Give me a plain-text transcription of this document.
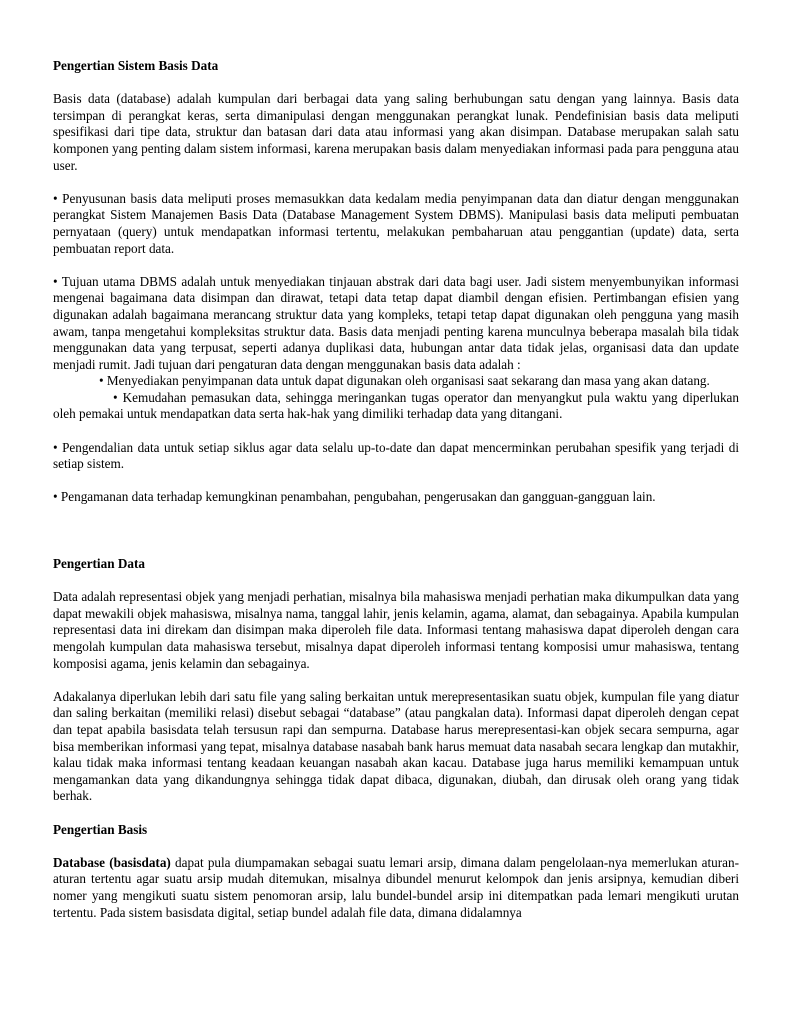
Pengertian Sistem Basis Data

Basis data (database) adalah kumpulan dari berbagai data yang saling berhubungan satu dengan yang lainnya. Basis data tersimpan di perangkat keras, serta dimanipulasi dengan menggunakan perangkat lunak. Pendefinisian basis data meliputi spesifikasi dari tipe data, struktur dan batasan dari data atau informasi yang akan disimpan. Database merupakan salah satu komponen yang penting dalam sistem informasi, karena merupakan basis dalam menyediakan informasi pada para pengguna atau user.

• Penyusunan basis data meliputi proses memasukkan data kedalam media penyimpanan data dan diatur dengan menggunakan perangkat Sistem Manajemen Basis Data (Database Management System DBMS). Manipulasi basis data meliputi pembuatan pernyataan (query) untuk mendapatkan informasi tertentu, melakukan pembaharuan atau penggantian (update) data, serta pembuatan report data.

• Tujuan utama DBMS adalah untuk menyediakan tinjauan abstrak dari data bagi user. Jadi sistem menyembunyikan informasi mengenai bagaimana data disimpan dan dirawat, tetapi data tetap dapat diambil dengan efisien. Pertimbangan efisien yang digunakan adalah bagaimana merancang struktur data yang kompleks, tetapi tetap dapat digunakan oleh pengguna yang masih awam, tanpa mengetahui kompleksitas struktur data. Basis data menjadi penting karena munculnya beberapa masalah bila tidak menggunakan data yang terpusat, seperti adanya duplikasi data, hubungan antar data tidak jelas, organisasi data dan update menjadi rumit. Jadi tujuan dari pengaturan data dengan menggunakan basis data adalah :

• Menyediakan penyimpanan data untuk dapat digunakan oleh organisasi saat sekarang dan masa yang akan datang.

• Kemudahan pemasukan data, sehingga meringankan tugas operator dan menyangkut pula waktu yang diperlukan oleh pemakai untuk mendapatkan data serta hak-hak yang dimiliki terhadap data yang ditangani.

• Pengendalian data untuk setiap siklus agar data selalu up-to-date dan dapat mencerminkan perubahan spesifik yang terjadi di setiap sistem.

• Pengamanan data terhadap kemungkinan penambahan, pengubahan, pengerusakan dan gangguan-gangguan lain.

Pengertian Data

Data adalah representasi objek yang menjadi perhatian, misalnya bila mahasiswa menjadi perhatian maka dikumpulkan data yang dapat mewakili objek mahasiswa, misalnya nama, tanggal lahir, jenis kelamin, agama, alamat, dan sebagainya. Apabila kumpulan representasi data ini direkam dan disimpan maka diperoleh file data. Informasi tentang mahasiswa dapat diperoleh dengan cara mengolah kumpulan data mahasiswa tersebut, misalnya dapat diperoleh informasi tentang komposisi umur mahasiswa, tentang komposisi agama, jenis kelamin dan sebagainya.

Adakalanya diperlukan lebih dari satu file yang saling berkaitan untuk merepresentasikan suatu objek, kumpulan file yang diatur dan saling berkaitan (memiliki relasi) disebut sebagai “database” (atau pangkalan data). Informasi dapat diperoleh dengan cepat dan tepat apabila basisdata telah tersusun rapi dan sempurna. Database harus merepresentasi-kan objek secara sempurna, agar bisa memberikan informasi yang tepat, misalnya database nasabah bank harus memuat data nasabah secara lengkap dan mutakhir, kalau tidak maka informasi tentang keadaan keuangan nasabah akan kacau. Database juga harus memiliki kemampuan untuk mengamankan data yang dikandungnya sehingga tidak dapat dibaca, digunakan, diubah, dan dirusak oleh orang yang tidak berhak.

Pengertian Basis

Database (basisdata) dapat pula diumpamakan sebagai suatu lemari arsip, dimana dalam pengelolaan-nya memerlukan aturan-aturan tertentu agar suatu arsip mudah ditemukan, misalnya dibundel menurut kelompok dan jenis arsipnya, kemudian diberi nomer yang mengikuti suatu sistem penomoran arsip, lalu bundel-bundel arsip ini ditempatkan pada lemari mengikuti urutan tertentu. Pada sistem basisdata digital, setiap bundel adalah file data, dimana didalamnya
